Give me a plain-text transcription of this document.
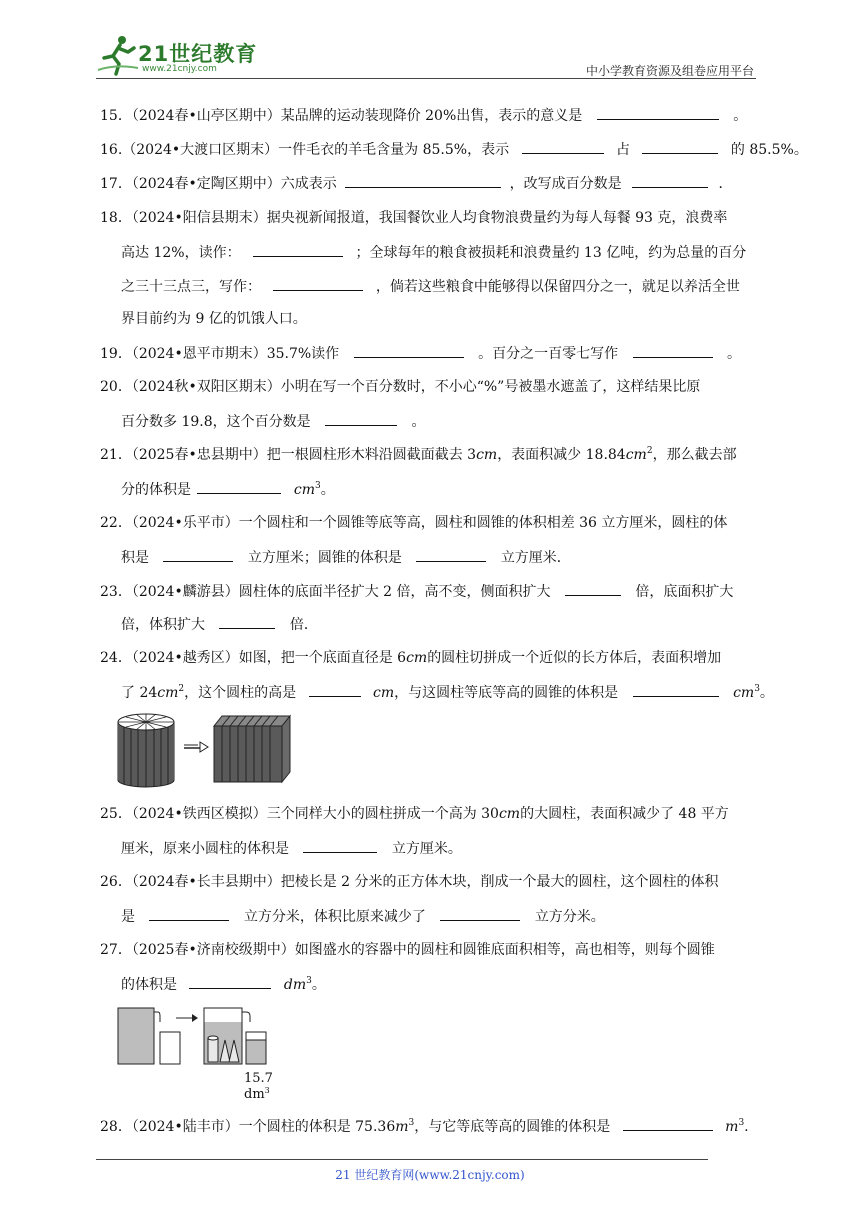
21世纪教育
www.21cnjy.com	中小学教育资源及组卷应用平台
15．（2024春•山亭区期中）某品牌的运动装现降价 20%出售，表示的意义是	。
16.（2024•大渡口区期末）一件毛衣的羊毛含量为 85.5%，表示	占	的 85.5%。
17．（2024春•定陶区期中）六成表示	，改写成百分数是	．
18．（2024•阳信县期末）据央视新闻报道，我国餐饮业人均食物浪费量约为每人每餐 93 克，浪费率
高达 12%，读作：	；全球每年的粮食被损耗和浪费量约 13 亿吨，约为总量的百分
之三十三点三，写作：	，倘若这些粮食中能够得以保留四分之一，就足以养活全世
界目前约为 9 亿的饥饿人口。
19．（2024•恩平市期末）35.7%读作	。百分之一百零七写作	。
20．（2024秋•双阳区期末）小明在写一个百分数时，不小心“%”号被墨水遮盖了，这样结果比原
百分数多 19.8，这个百分数是	。
21．（2025春•忠县期中）把一根圆柱形木料沿圆截面截去 3cm，表面积减少 $18.84cm^2$，那么截去部
分的体积是	$cm^3$。
22．（2024•乐平市）一个圆柱和一个圆锥等底等高，圆柱和圆锥的体积相差 36 立方厘米，圆柱的体
积是	立方厘米；圆锥的体积是	立方厘米．
23．（2024•麟游县）圆柱体的底面半径扩大 2 倍，高不变，侧面积扩大	倍，底面积扩大
倍，体积扩大	倍．
24．（2024•越秀区）如图，把一个底面直径是 6cm的圆柱切拼成一个近似的长方体后，表面积增加
了 $24cm^2$，这个圆柱的高是	cm，与这圆柱等底等高的圆锥的体积是	$cm^3$。
25．（2024•铁西区模拟）三个同样大小的圆柱拼成一个高为 30cm的大圆柱，表面积减少了 48 平方
厘米，原来小圆柱的体积是	立方厘米。
26．（2024春•长丰县期中）把棱长是 2 分米的正方体木块，削成一个最大的圆柱，这个圆柱的体积
是	立方分米，体积比原来减少了	立方分米。
27．（2025春•济南校级期中）如图盛水的容器中的圆柱和圆锥底面积相等，高也相等，则每个圆锥
的体积是	$dm^3$。
28．（2024•陆丰市）一个圆柱的体积是 $75.36m^3$，与它等底等高的圆锥的体积是	$m^3$.
15.7
$dm^3$
21 世纪教育网(www.21cnjy.com)
